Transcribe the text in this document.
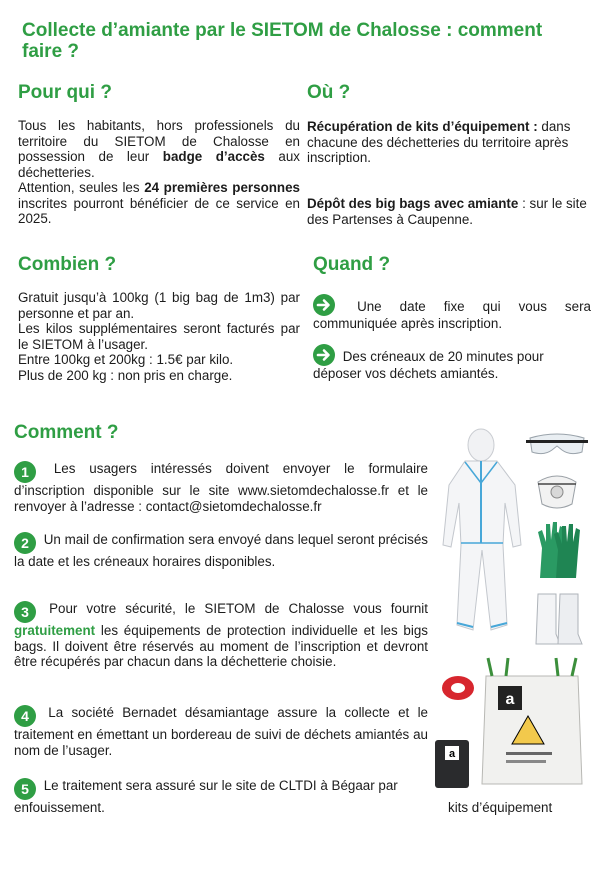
Collecte d’amiante par le SIETOM de Chalosse : comment faire ?
Pour qui ?
Tous les habitants, hors professionels du territoire du SIETOM de Chalosse en possession de leur badge d’accès aux déchetteries.
Attention, seules les 24 premières personnes inscrites pourront bénéficier de ce service en 2025.
Où ?
Récupération de kits d’équipement : dans chacune des déchetteries du territoire après inscription.
Dépôt des big bags avec amiante : sur le site des Partenses à Caupenne.
Combien ?
Gratuit jusqu’à 100kg (1 big bag de 1m3) par personne et par an.
Les kilos supplémentaires seront facturés par le SIETOM à l’usager.
Entre 100kg et 200kg : 1.5€ par kilo.
Plus de 200 kg : non pris en charge.
Quand ?
Une date fixe qui vous sera communiquée après inscription.
Des créneaux de 20 minutes pour déposer vos déchets amiantés.
Comment ?
1 Les usagers intéressés doivent envoyer le formulaire d’inscription disponible sur le site www.sietomdechalosse.fr et le renvoyer à l’adresse : contact@sietomdechalosse.fr
2 Un mail de confirmation sera envoyé dans lequel seront précisés la date et les créneaux horaires disponibles.
3 Pour votre sécurité, le SIETOM de Chalosse vous fournit gratuitement les équipements de protection individuelle et les bigs bags. Il doivent être réservés au moment de l’inscription et devront être récupérés par chacun dans la déchetterie choisie.
4 La société Bernadet désamiantage assure la collecte et le traitement en émettant un bordereau de suivi de déchets amiantés au nom de l’usager.
5 Le traitement sera assuré sur le site de CLTDI à Bégaar par enfouissement.
a
a
kits d’équipement
